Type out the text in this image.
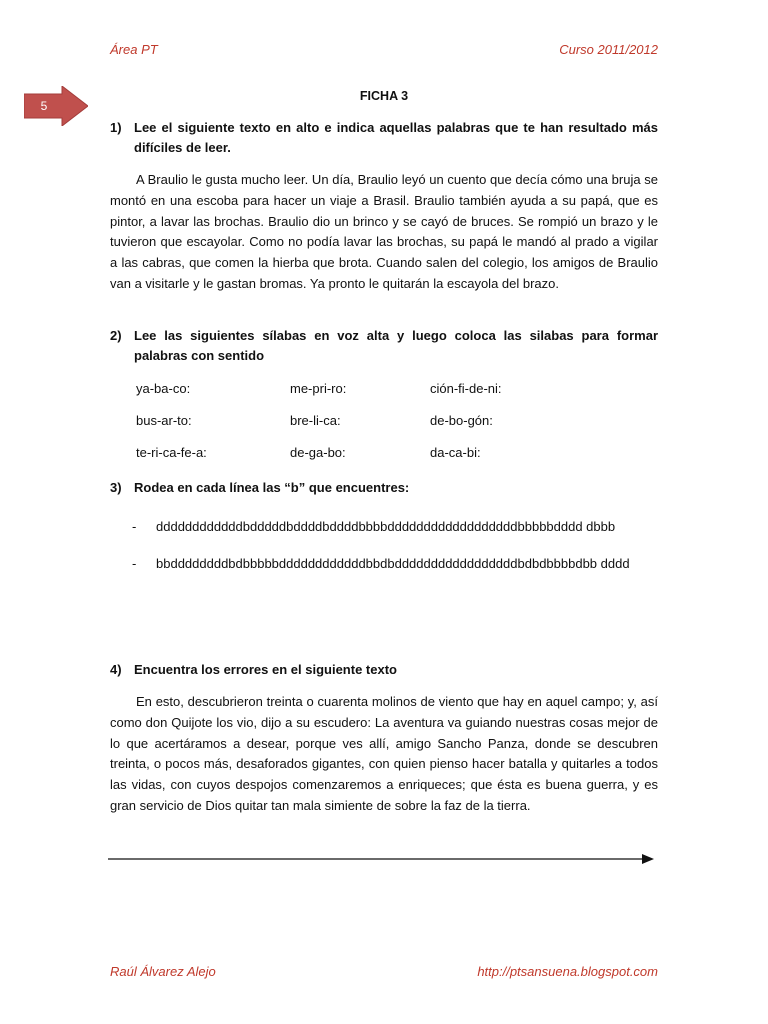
Área PT	Curso 2011/2012
5
FICHA 3
1) Lee el siguiente texto en alto e indica aquellas palabras que te han resultado más difíciles de leer.
A Braulio le gusta mucho leer. Un día, Braulio leyó un cuento que decía cómo una bruja se montó en una escoba para hacer un viaje a Brasil. Braulio también ayuda a su papá, que es pintor, a lavar las brochas. Braulio dio un brinco y se cayó de bruces. Se rompió un brazo y le tuvieron que escayolar. Como no podía lavar las brochas, su papá le mandó al prado a vigilar a las cabras, que comen la hierba que brota. Cuando salen del colegio, los amigos de Braulio van a visitarle y le gastan bromas. Ya pronto le quitarán la escayola del brazo.
2) Lee las siguientes sílabas en voz alta y luego coloca las silabas para formar palabras con sentido
ya-ba-co:	me-pri-ro:	ción-fi-de-ni:
bus-ar-to:	bre-li-ca:	de-bo-gón:
te-ri-ca-fe-a:	de-ga-bo:	da-ca-bi:
3) Rodea en cada línea las “b” que encuentres:
-	ddddddddddddbdddddbddddbddddbbbbddddddddddddddddddbbbbbdddd dbbb
-	bbddddddddbdbbbbbddddddddddddbbdbdddddddddddddddddbdbdbbbbdbb dddd
4) Encuentra los errores en el siguiente texto
En esto, descubrieron treinta o cuarenta molinos de viento que hay en aquel campo; y, así como don Quijote los vio, dijo a su escudero: La aventura va guiando nuestras cosas mejor de lo que acertáramos a desear, porque ves allí, amigo Sancho Panza, donde se descubren treinta, o pocos más, desaforados gigantes, con quien pienso hacer batalla y quitarles a todos las vidas, con cuyos despojos comenzaremos a enriqueces; que ésta es buena guerra, y es gran servicio de Dios quitar tan mala simiente de sobre la faz de la tierra.
Raúl Álvarez Alejo	http://ptsansuena.blogspot.com
